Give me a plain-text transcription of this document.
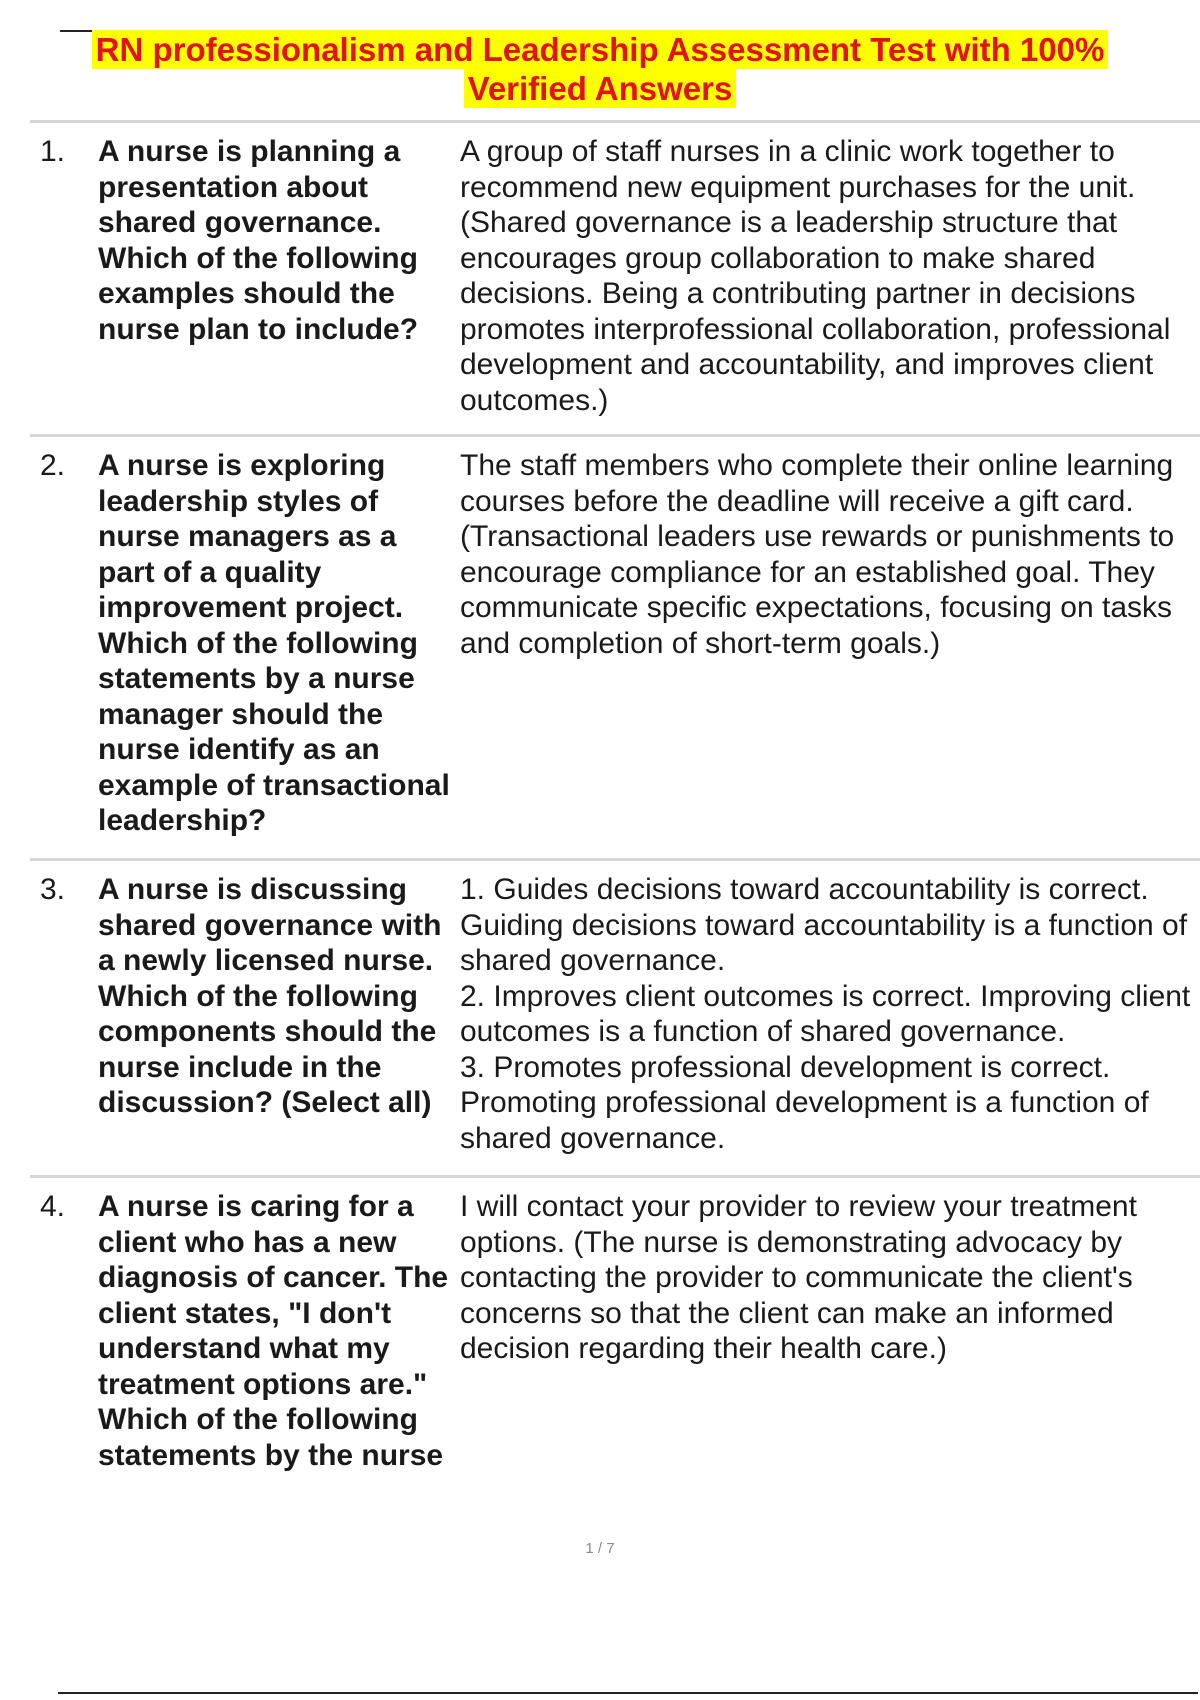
RN professionalism and Leadership Assessment Test with 100%
Verified Answers
1.	A nurse is planning a presentation about shared governance. Which of the following examples should the nurse plan to include?
A group of staff nurses in a clinic work together to recommend new equipment purchases for the unit. (Shared governance is a leadership structure that encourages group collaboration to make shared decisions. Being a contributing partner in decisions promotes interprofessional collaboration, professional development and accountability, and improves client outcomes.)
2.	A nurse is exploring leadership styles of nurse managers as a part of a quality improvement project. Which of the following statements by a nurse manager should the nurse identify as an example of transactional leadership?
The staff members who complete their online learning courses before the deadline will receive a gift card. (Transactional leaders use rewards or punishments to encourage compliance for an established goal. They communicate specific expectations, focusing on tasks and completion of short-term goals.)
3.	A nurse is discussing shared governance with a newly licensed nurse. Which of the following components should the nurse include in the discussion? (Select all)
1. Guides decisions toward accountability is correct. Guiding decisions toward accountability is a function of shared governance.
2. Improves client outcomes is correct. Improving client outcomes is a function of shared governance.
3. Promotes professional development is correct. Promoting professional development is a function of shared governance.
4.	A nurse is caring for a client who has a new diagnosis of cancer. The client states, "I don't understand what my treatment options are." Which of the following statements by the nurse
I will contact your provider to review your treatment options. (The nurse is demonstrating advocacy by contacting the provider to communicate the client's concerns so that the client can make an informed decision regarding their health care.)
1 / 7
